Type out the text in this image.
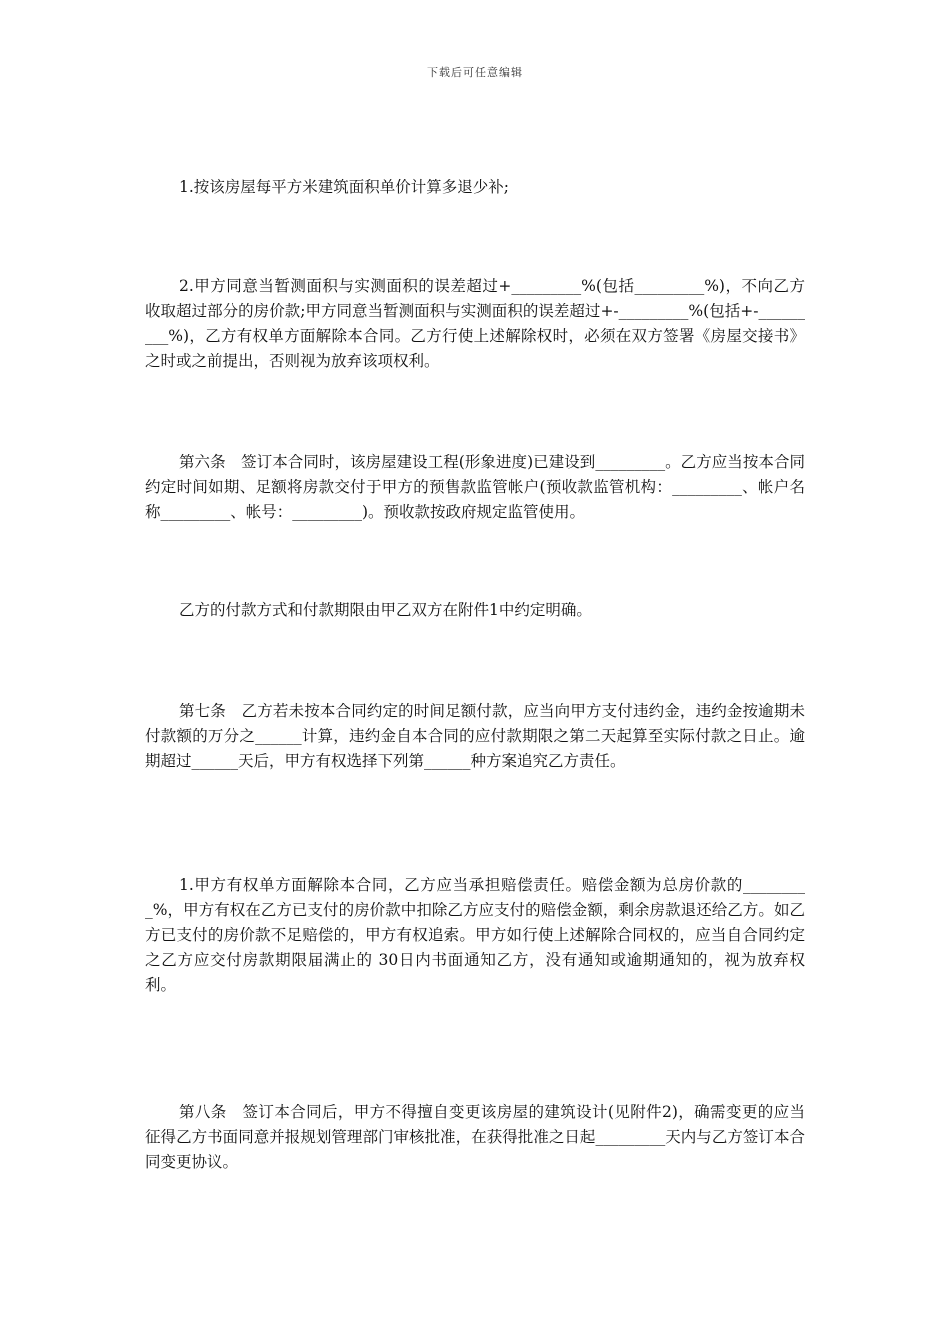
下载后可任意编辑

1.按该房屋每平方米建筑面积单价计算多退少补;

2.甲方同意当暂测面积与实测面积的误差超过+_________%(包括_________%)，不向乙方收取超过部分的房价款;甲方同意当暂测面积与实测面积的误差超过+-_________%(包括+-_________%)，乙方有权单方面解除本合同。乙方行使上述解除权时，必须在双方签署《房屋交接书》之时或之前提出，否则视为放弃该项权利。

第六条　签订本合同时，该房屋建设工程(形象进度)已建设到_________。乙方应当按本合同约定时间如期、足额将房款交付于甲方的预售款监管帐户(预收款监管机构：_________、帐户名称_________、帐号：_________)。预收款按政府规定监管使用。

乙方的付款方式和付款期限由甲乙双方在附件1中约定明确。

第七条　乙方若未按本合同约定的时间足额付款，应当向甲方支付违约金，违约金按逾期未付款额的万分之______计算，违约金自本合同的应付款期限之第二天起算至实际付款之日止。逾期超过______天后，甲方有权选择下列第______种方案追究乙方责任。

1.甲方有权单方面解除本合同，乙方应当承担赔偿责任。赔偿金额为总房价款的_________%，甲方有权在乙方已支付的房价款中扣除乙方应支付的赔偿金额，剩余房款退还给乙方。如乙方已支付的房价款不足赔偿的，甲方有权追索。甲方如行使上述解除合同权的，应当自合同约定之乙方应交付房款期限届满止的 30日内书面通知乙方，没有通知或逾期通知的，视为放弃权利。

第八条　签订本合同后，甲方不得擅自变更该房屋的建筑设计(见附件2)，确需变更的应当征得乙方书面同意并报规划管理部门审核批准，在获得批准之日起_________天内与乙方签订本合同变更协议。
